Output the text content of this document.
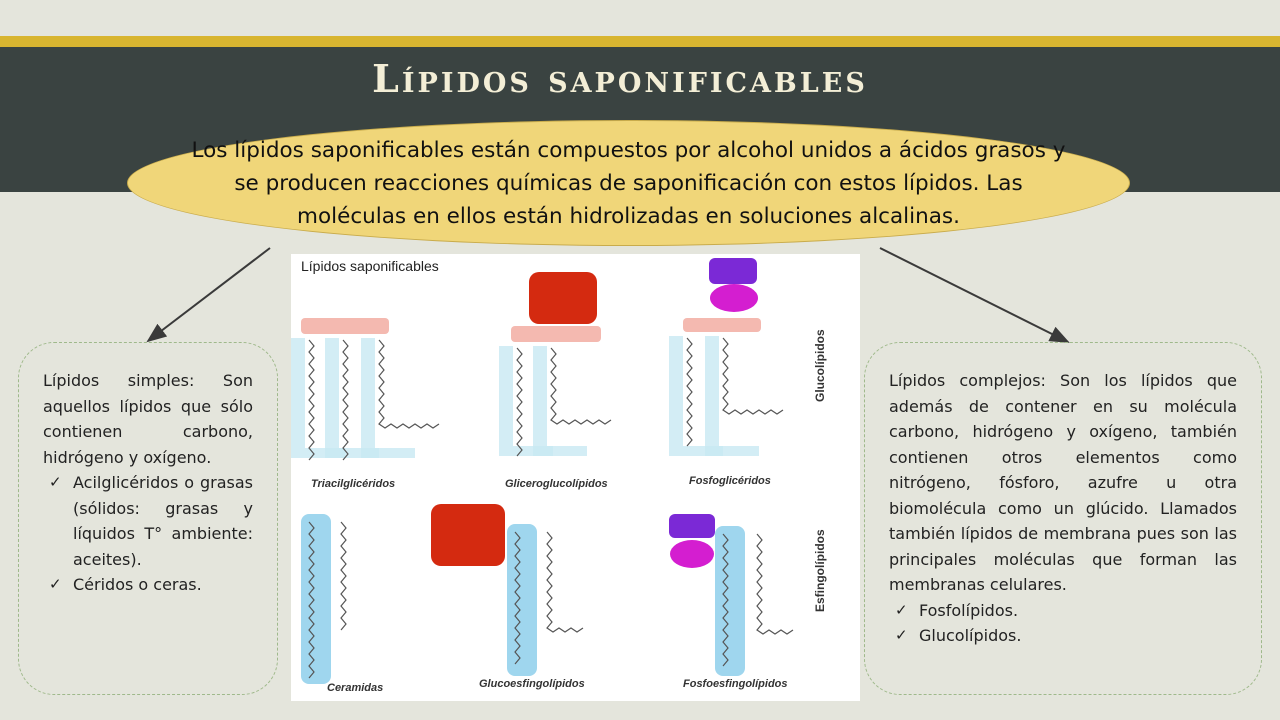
Lípidos saponificables
Los lípidos saponificables están compuestos por alcohol unidos a ácidos grasos y se producen reacciones químicas de saponificación con estos lípidos. Las moléculas en ellos están hidrolizadas en soluciones alcalinas.

Lípidos simples: Son aquellos lípidos que sólo contienen carbono, hidrógeno y oxígeno.

✓ Acilglicéridos o grasas (sólidos: grasas y líquidos T° ambiente: aceites).
✓ Céridos o ceras.

Lípidos complejos: Son los lípidos que además de contener en su molécula carbono, hidrógeno y oxígeno, también contienen otros elementos como nitrógeno, fósforo, azufre u otra biomolécula como un glúcido. Llamados también lípidos de membrana pues son las principales moléculas que forman las membranas celulares.

✓ Fosfolípidos.
✓ Glucolípidos.
Lípidos saponificables
Glucolípidos
Esfingolípidos
Triacilglicéridos	Gliceroglucolípidos	Fosfoglicéridos
Ceramidas	Glucoesfingolípidos	Fosfoesfingolípidos
